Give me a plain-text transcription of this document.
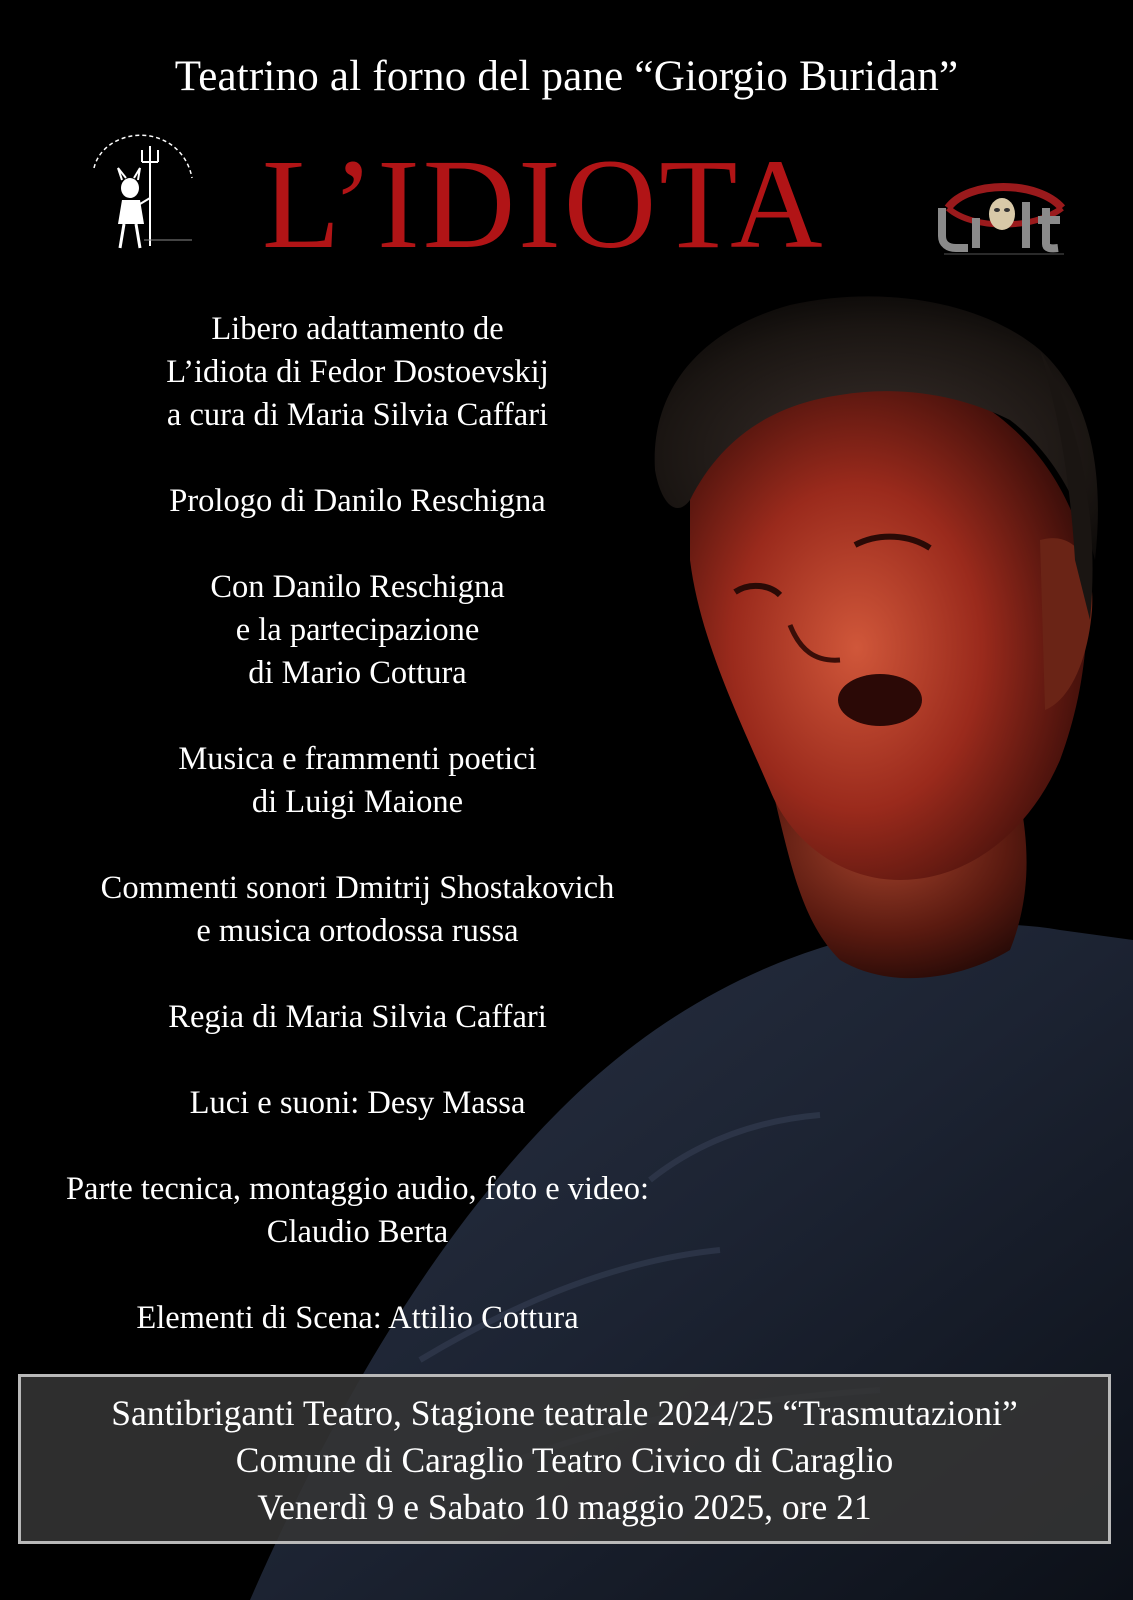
Teatrino al forno del pane “Giorgio Buridan”
L’IDIOTA
Libero adattamento de
L’idiota di Fedor Dostoevskij
a cura di Maria Silvia Caffari
Prologo di Danilo Reschigna
Con Danilo Reschigna
e la partecipazione
di Mario Cottura
Musica e frammenti poetici
di Luigi Maione
Commenti sonori Dmitrij Shostakovich
e musica ortodossa russa
Regia di Maria Silvia Caffari
Luci e suoni: Desy Massa
Parte tecnica, montaggio audio, foto e video:
Claudio Berta
Elementi di Scena: Attilio Cottura
Santibriganti Teatro, Stagione teatrale 2024/25 “Trasmutazioni”
Comune di Caraglio Teatro Civico di Caraglio
Venerdì 9 e Sabato 10 maggio 2025, ore 21
